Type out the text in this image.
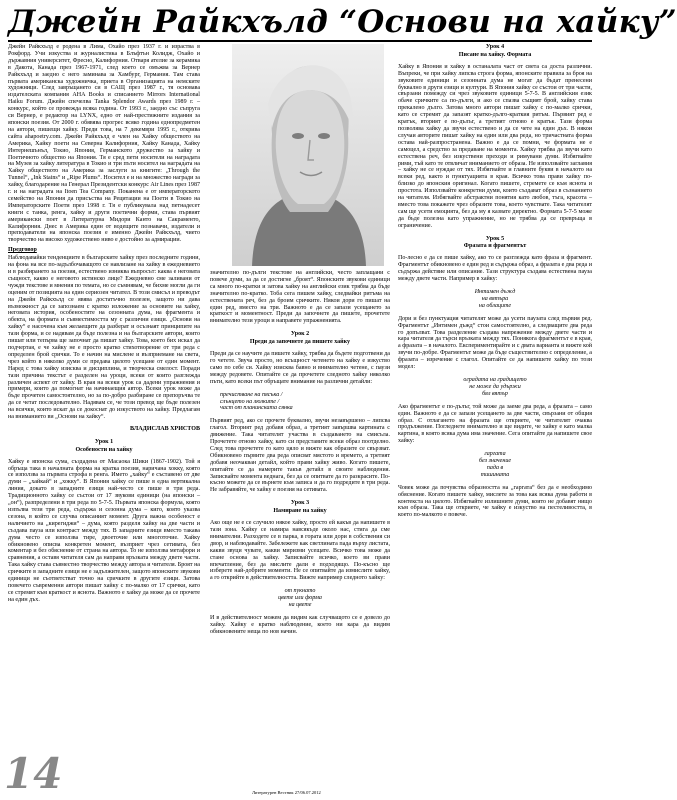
Джейн Райкхълд “Основи на хайку”

Джейн Райкхълд е родена в Лима, Охайо през 1937 г. и израства в Рокфорд. Учи изкуства и журналистика в Блъфтън Колидж, Охайо и държавния университет, Фресно, Калифорния. Отваря ателие за керамика в Дакота, Канада през 1967-1971, след което се омъжва за Вернер Райкхълд и заедно с него заминава за Хамбург, Германия. Там става първата американска художничка, приета в Организацията на немските художници. След завръщането си в САЩ през 1987 г., тя основава издателската компания AHA Books и списанието Mirrors International Haiku Forum. Джейн спечелва Tanka Splendor Awards през 1989 г. – конкурс, който се провежда всяка година. От 1993 г., заедно със съпруга си Вернер, е редактор на LYNX, едно от най-престижните издания за японски поезия. От 2000 г. обявява прогрес всяко година еднопредметен на автори, пишещи хайку. Преди това, на 7 декември 1995 г., открива сайта ahapoetry.com. Джейн Райкхълд е член на Хайку обществото на Америка, Хайку поети на Северна Калифорния, Хайку Канада, Хайку Интернешънъл, Токио, Япония, Германското дружество за хайку и Поетичното общество на Япония. Тя е сред пети носители на наградата на Музея за хайку литература в Токио и три пъти носител на наградата на Хайку обществото на Америка за заслуги за книгите: „Тhrough the Tunnel“, „Ink Stains“ и „Ripe Plums“. Носител е и на множество награди за хайку, благодарение на Генерал Президентски конкурс Air Lines през 1987 г. и на наградата на Itoen Tea Company. Поканена е от императорското семейство на Япония да присъства на Рецитации на Поети в Токио на Императорските Поети през 1998 г. Тя е публикувала над петнадесет книги с танка, ренга, хайку и други поетични форми, става първият американски поет в Литературна Мидори Канто на Сакраменто, Калифорния. Днес в Америка един от водещите познавачи, издатели и преподаватели на японска поезия е именно Джейн Райкхълд, чието творчество на високо художествено ниво е достойно за адмирации.

Предговор

Наблюдавайки тенденциите в българските хайку през последните години, на фона на все по-задълбочаващото се навлизане на хайку в ежедневието и в разбирането за поезия, естествено изниква въпросът: каква е неговата същност, какво е неговото истинско лице? Ежедневно сме заливани от чужди текстове и мнения по темата, но се съмнявам, че бихме могли да ги оценим от позицията на един сериозен читател. В този смисъл и преводът на Джейн Райкхълд се явява достатъчно полезен, защото ни дава възможност да се запознаем с кратко изложение за основите на хайку, неговата история, особеностите на сезонната дума, на фрагмента и обекта, на формата и съвместимостта му с различни езици. „Основи на хайку“ е насочена към желаещите да разберат и осъзнаят принципите на тази форма, и се надявам да бъде полезна и на българските автори, които пишат или тепърва ще започнат да пишат хайку. Това, което бих искал да подчертая, е че хайку не е просто кратко стихотворение от три реда с определен брой срички. То е начин на мислене и възприемане на света, чрез който в няколко думи се предава цялото усещане от един момент. Наред с това хайку изисква и дисциплина, и творческа смелост. Поради тази причина текстът е разделен на уроци, всеки от които разглежда различен аспект от хайку. В края на всеки урок са дадени упражнения и примери, които да помогнат на начинаещия автор. Всеки урок може да бъде прочетен самостоятелно, но за по-добро разбиране се препоръчва те да се четат последователно. Надявам се, че този превод ще бъде полезен на всички, които искат да се докоснат до изкуството на хайку. Предлагам на вниманието ви „Основи на хайку“.

ВЛАДИСЛАВ ХРИСТОВ

Урок 1

Особености на хайку

Хайку е японска сума, създадена от Масаока Шики (1867-1902). Той я обръща така в началната форма на кратка поезия, наричана хокку, която се използва за първата строфа в ренга. Името „хайку“ е съставено от две думи – „хайкай“ и „хокку“. В Япония хайку се пише в една вертикална линия, докато в западните езици най-често се пише в три реда. Традиционното хайку се състои от 17 звукови единици (на японски – „он“), разпределени в три реда по 5-7-5. Първата японска формула, която изпълва тези три реда, съдържа и сезонна дума – киго, която указва сезона, в който се случва описаният момент. Друга важна особеност е наличието на „кирегиджи“ – дума, която разделя хайку на две части и създава пауза или контраст между тях. В западните езици вместо такава дума често се използва тире, двоеточие или многоточие. Хайку обикновено описва конкретен момент, възприет чрез сетивата, без коментар и без обяснение от страна на автора. То не използва метафори и сравнения, а оставя читателя сам да направи връзката между двете части. Така хайку става съвместно творчество между автора и читателя. Броят на сричките в западните езици не е задължителен, защото японските звукови единици не съответстват точно на сричките в другите езици. Затова повечето съвременни автори пишат хайку с по-малко от 17 срички, като се стремят към краткост и яснота. Важното е хайку да може да се прочете на един дъх.

значително по-дълги текстове на английски, често заплащани с повече думи, за да се достигне „броят“. Японските звукови единици са много по-кратки и затова хайку на английски език трябва да бъде значително по-кратко. Тоба сега пишем хайку, следвайки ритъма на естествената реч, без да броим сричките. Някои дори го пишат на един ред, вместо на три. Важното е да се запази усещането за краткост и моментност. Преди да започнете да пишете, прочетете внимателно тези уроци и направете упражненията.

Урок 2

Преди да започнете да пишете хайку

Преди да се научите да пишете хайку, трябва да бъдете подготвени да го четете. Звуча просто, но всъщност четенето на хайку е изкуство само по себе си. Хайку изисква бавно и внимателно четене, с паузи между редовете. Опитайте се да прочетете следното хайку няколко пъти, като всеки път обръщате внимание на различни детайли:

пречистване на пясъка /
слънцето на люлките /
част от планинската сянка

Първият ред, ако се прочете буквално, звучи незавършено – липсва глагол. Вторият ред добавя образ, а третият завършва картината с движение. Така читателят участва в създаването на смисъла. Прочетете отново хайку, като си представите всеки образ поотделно. След това прочетете го като цяло и вижте как образите се свързват. Обикновено първите два реда описват мястото и времето, а третият добавя неочакван детайл, който прави хайку живо. Когато пишете, опитайте се да намерите такъв детайл в своите наблюдения. Записвайте момента веднага, без да се опитвате да го разкрасите. По-късно можете да се върнете към записа и да го подредите в три реда. Не забравяйте, че хайку е поезия на сетивата.

Урок 3

Намиране на хайку

Ако още не е се случило някое хайку, просто ей какъв да напишете в тази зона. Хайку се намира навсякъде около нас, стига да сме внимателни. Разходете се в парка, в гората или дори в собствения си двор, и наблюдавайте. Забележете как светлината пада върху листата, какви звуци чувате, какви миризми усещате. Всичко това може да стане основа за хайку. Записвайте всичко, което ви прави впечатление, без да мислите дали е подходящо. По-късно ще изберете най-добрите моменти. Не се опитвайте да измислите хайку, а го открийте в действителността. Вижте например следното хайку:

от пукнато
цвете или форма
на цвете

И в действителност можем да видим как случващото се е довело до хайку. Хайку е кратко наблюдение, което ни кара да видим обикновените неща по нов начин.

Урок 4

Писане на хайку. Формата

Хайку в Япония и хайку в останалата част от света са доста различни. Въпреки, че при хайку липсва строга форма, японските правила за броя на звуковите единици и сезонната дума не могат да бъдат пренесени буквално в други езици и култури. В Япония хайку се състои от три части, свързани помежду си чрез звуковите единици 5-7-5. В английския език обаче сричките са по-дълги, и ако се спазва същият брой, хайку става прекалено дълго. Затова много автори пишат хайку с по-малко срички, като се стремят да запазят кратко-дълго-краткия ритъм. Първият ред е кратък, вторият е по-дълъг, а третият отново е кратък. Тази форма позволява хайку да звучи естествено и да се чете на един дъх. В някои случаи авторите пишат хайку на един или два реда, но тричастната форма остава най-разпространена. Важно е да се помни, че формата не е самоцел, а средство за предаване на момента. Хайку трябва да звучи като естествена реч, без изкуствени преходи и римувани думи. Избягвайте рими, тъй като те отвличат вниманието от образа. Не използвайте заглавия – хайку не се нуждае от тях. Избягвайте и главните букви в началото на всеки ред, както и пунктуацията в края. Всичко това прави хайку по-близко до японския оригинал. Когато пишете, стремете се към яснота и простота. Използвайте конкретни думи, които създават образ в съзнанието на читателя. Избягвайте абстрактни понятия като любов, тъга, красота – вместо това покажете чрез образите това, което чувствате. Така читателят сам ще усети емоцията, без да му я казвате директно. Формата 5-7-5 може да бъде полезна като упражнение, но не трябва да се превръща в ограничение.

Урок 5

Фразата и фрагментът

По-лесно е да се пише хайку, ако то се разглежда като фраза и фрагмент. Фрагментът обикновено е един ред и съдържа образ, а фразата е два реда и съдържа действие или описание. Тази структура създава естествена пауза между двете части. Например в хайку:

Интимен дъжд
на вятъра
на облаците

Дори и без пунктуация читателят може да усети паузата след първия ред. Фрагментът „Интимен дъжд“ стои самостоятелно, а следващите два реда го допълват. Това разделение създава напрежение между двете части и кара читателя да търси връзката между тях. Понякога фрагментът е в края, а фразата – в началото. Експериментирайте и с двата варианта и вижте кой звучи по-добре. Фрагментът може да бъде съществително с определение, а фразата – изречение с глагол. Опитайте се да напишете хайку по този модел:

оградата на градището
не може да удържи
бял вятър

Ако фрагментът е по-дълъг, той може да заеме два реда, а фразата – само един. Важното е да се запази усещането за две части, свързани от общия образ. С отлагането на фразата ще откриете, че читателят очаква продължение. Погледнете внимателно и ще видите, че хайку е като малка картина, в която всяка дума има значение. Сега опитайте да напишете свое хайку:

гаргата
без значение
пада в
тишината

Човек може да почувства образността на „гаргата“ без да е необходимо обяснение. Когато пишете хайку, мислете за това как всяка дума работи в контекста на цялото. Избягвайте излишните думи, които не добавят нищо към образа. Така ще откриете, че хайку е изкуство на пестеливостта, в което по-малкото е повече.

14	Литературен Вестник 27/06.07.2012
